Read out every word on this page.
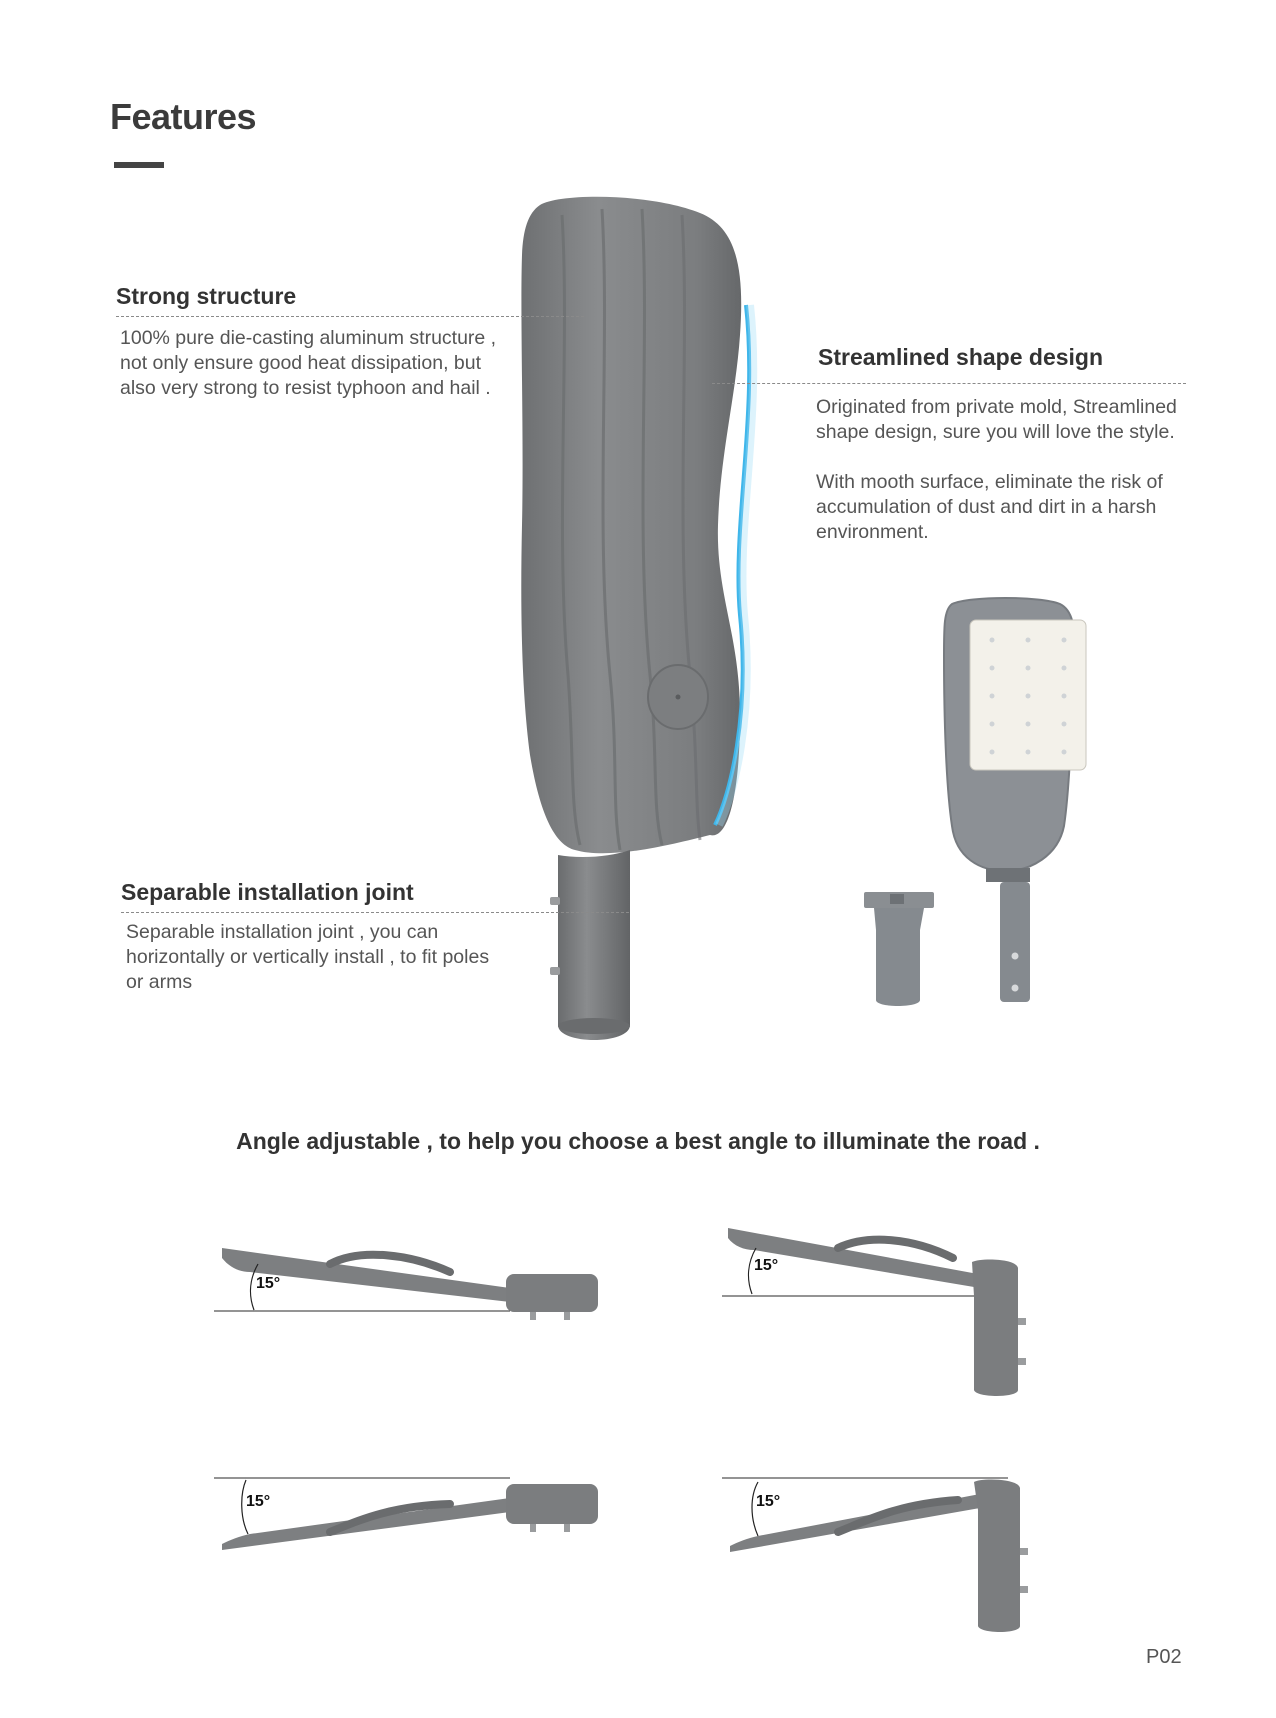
Features
Strong structure

100% pure die-casting aluminum structure ,

not only ensure good heat dissipation, but

also very strong to resist typhoon and hail .

Streamlined shape design

Originated from private mold, Streamlined

shape design, sure you will love the style.

With mooth surface, eliminate the risk of

accumulation of dust and dirt in a harsh

environment.

Separable installation joint

Separable installation joint , you can

horizontally or vertically install , to fit poles

or arms

Angle adjustable , to help you choose a best angle to illuminate the road .
15°
15°
15°	15°
P02
